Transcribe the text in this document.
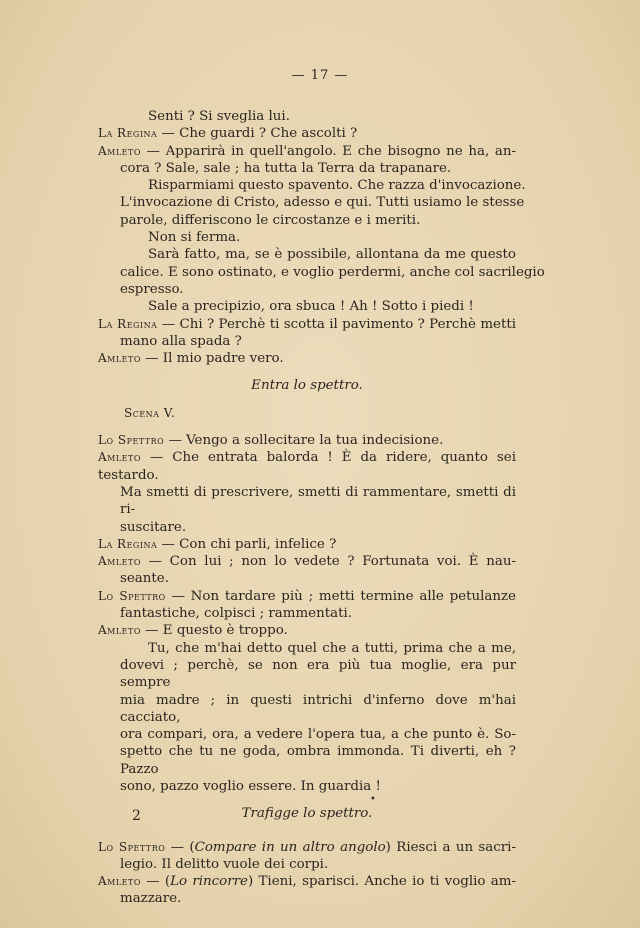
— 17 —
Senti ? Si sveglia lui.
La Regina — Che guardi ? Che ascolti ?
Amleto — Apparirà in quell'angolo. E che bisogno ne ha, an-
cora ? Sale, sale ; ha tutta la Terra da trapanare.
Risparmiami questo spavento. Che razza d'invocazione.
L'invocazione di Cristo, adesso e qui. Tutti usiamo le stesse
parole, differiscono le circostanze e i meriti.
Non si ferma.
Sarà fatto, ma, se è possibile, allontana da me questo
calice. E sono ostinato, e voglio perdermi, anche col sacrilegio
espresso.
Sale a precipizio, ora sbuca ! Ah ! Sotto i piedi !
La Regina — Chi ? Perchè ti scotta il pavimento ? Perchè metti
mano alla spada ?
Amleto — Il mio padre vero.
Entra lo spettro.
Scena V.
Lo Spettro — Vengo a sollecitare la tua indecisione.
Amleto — Che entrata balorda ! È da ridere, quanto sei testardo.
Ma smetti di prescrivere, smetti di rammentare, smetti di ri-
suscitare.
La Regina — Con chi parli, infelice ?
Amleto — Con lui ; non lo vedete ? Fortunata voi. È nau-
seante.
Lo Spettro — Non tardare più ; metti termine alle petulanze
fantastiche, colpisci ; rammentati.
Amleto — E questo è troppo.
Tu, che m'hai detto quel che a tutti, prima che a me,
dovevi ; perchè, se non era più tua moglie, era pur sempre
mia madre ; in questi intrichi d'inferno dove m'hai cacciato,
ora compari, ora, a vedere l'opera tua, a che punto è. So-
spetto che tu ne goda, ombra immonda. Ti diverti, eh ? Pazzo
sono, pazzo voglio essere. In guardia !
Trafigge lo spettro.
Lo Spettro — (Compare in un altro angolo) Riesci a un sacri-
legio. Il delitto vuole dei corpi.
Amleto — (Lo rincorre) Tieni, sparisci. Anche io ti voglio am-
mazzare.
•
2
